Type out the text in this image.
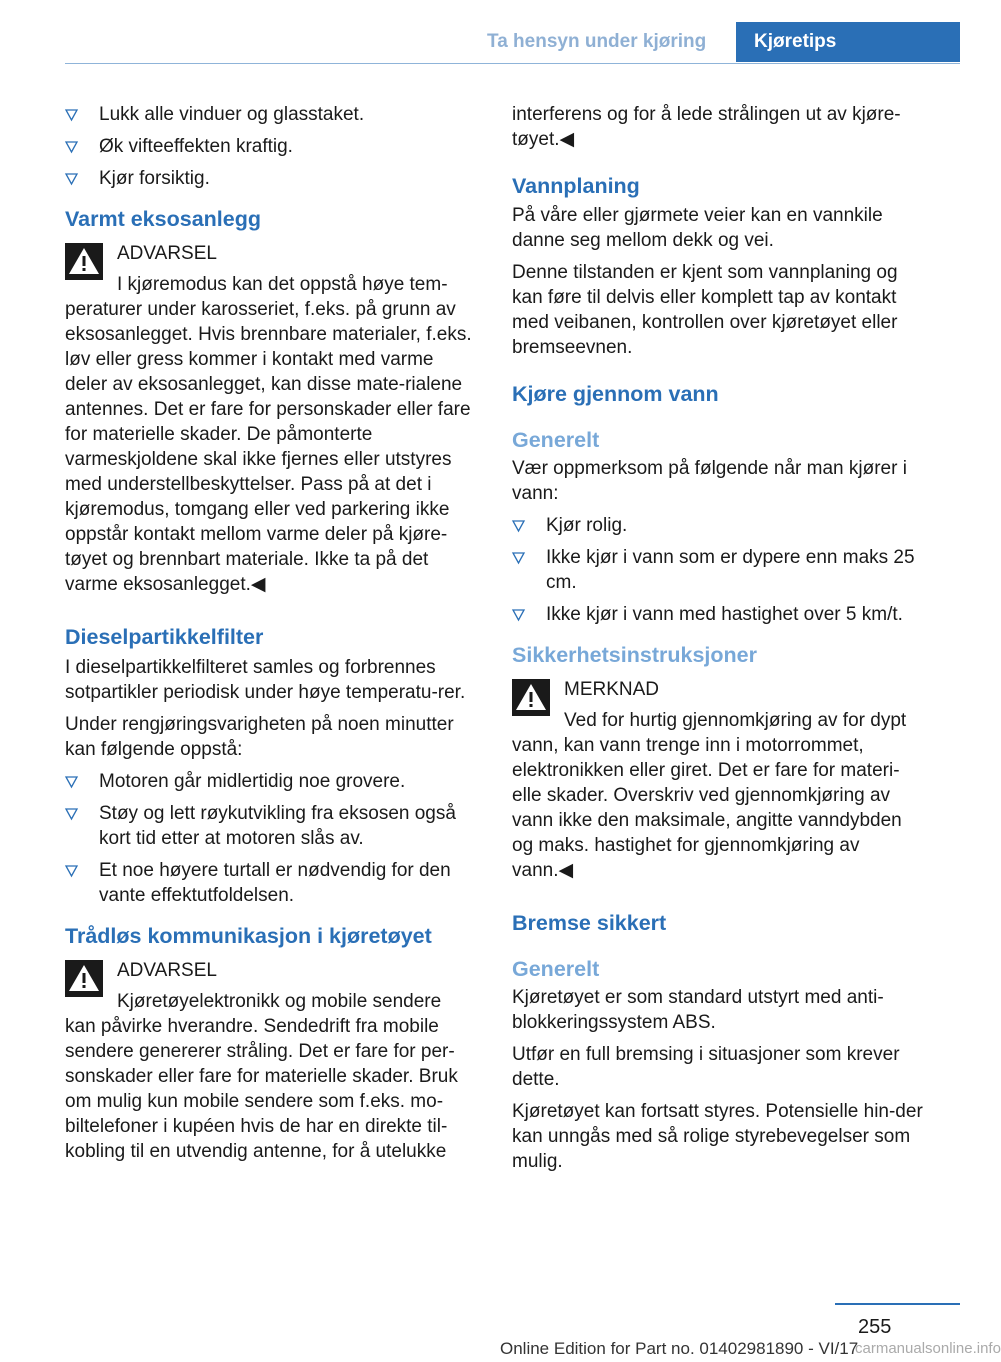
Ta hensyn under kjøring	Kjøretips
Lukk alle vinduer og glasstaket.
Øk vifteeffekten kraftig.
Kjør forsiktig.
Varmt eksosanlegg
ADVARSEL

I kjøremodus kan det oppstå høye tem-
peraturer under karosseriet, f.eks. på grunn av eksosanlegget. Hvis brennbare materialer, f.eks. løv eller gress kommer i kontakt med varme deler av eksosanlegget, kan disse mate-rialene antennes. Det er fare for personskader eller fare for materielle skader. De påmonterte varmeskjoldene skal ikke fjernes eller utstyres med understellbeskyttelser. Pass på at det i kjøremodus, tomgang eller ved parkering ikke oppstår kontakt mellom varme deler på kjøre-tøyet og brennbart materiale. Ikke ta på det varme eksosanlegget.◀

Dieselpartikkelfilter

I dieselpartikkelfilteret samles og forbrennes sotpartikler periodisk under høye temperatu-rer.

Under rengjøringsvarigheten på noen minutter kan følgende oppstå:

Motoren går midlertidig noe grovere.
Støy og lett røykutvikling fra eksosen også kort tid etter at motoren slås av.
Et noe høyere turtall er nødvendig for den vante effektutfoldelsen.
Trådløs kommunikasjon i kjøretøyet
ADVARSEL

Kjøretøyelektronikk og mobile sendere
kan påvirke hverandre. Sendedrift fra mobile sendere genererer stråling. Det er fare for per-sonskader eller fare for materielle skader. Bruk om mulig kun mobile sendere som f.eks. mo-biltelefoner i kupéen hvis de har en direkte til-kobling til en utvendig antenne, for å utelukke

interferens og for å lede strålingen ut av kjøre-tøyet.◀

Vannplaning

På våre eller gjørmete veier kan en vannkile danne seg mellom dekk og vei.

Denne tilstanden er kjent som vannplaning og kan føre til delvis eller komplett tap av kontakt med veibanen, kontrollen over kjøretøyet eller bremseevnen.

Kjøre gjennom vann
Generelt

Vær oppmerksom på følgende når man kjører i vann:

Kjør rolig.
Ikke kjør i vann som er dypere enn maks 25 cm.
Ikke kjør i vann med hastighet over 5 km/t.
Sikkerhetsinstruksjoner
MERKNAD

Ved for hurtig gjennomkjøring av for dypt
vann, kan vann trenge inn i motorrommet, elektronikken eller giret. Det er fare for materi-elle skader. Overskriv ved gjennomkjøring av vann ikke den maksimale, angitte vanndybden og maks. hastighet for gjennomkjøring av vann.◀

Bremse sikkert
Generelt

Kjøretøyet er som standard utstyrt med anti-blokkeringssystem ABS.

Utfør en full bremsing i situasjoner som krever dette.

Kjøretøyet kan fortsatt styres. Potensielle hin-der kan unngås med så rolige styrebevegelser som mulig.

255
Online Edition for Part no. 01402981890 - VI/17
carmanualsonline.info
